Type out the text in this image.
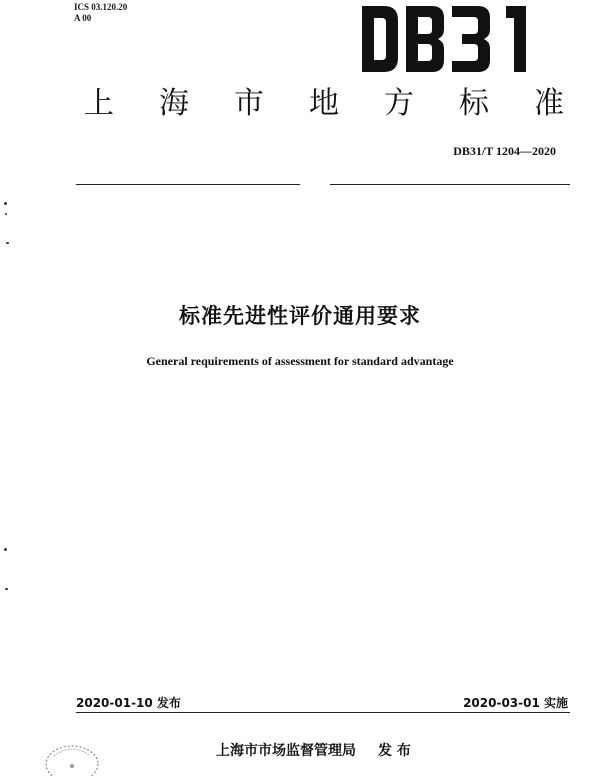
ICS 03.120.20
A 00
上 海 市 地 方 标 准
DB31/T 1204—2020
标准先进性评价通用要求
General requirements of assessment for standard advantage
2020-01-10 发布	2020-03-01 实施
上海市市场监督管理局 发 布
